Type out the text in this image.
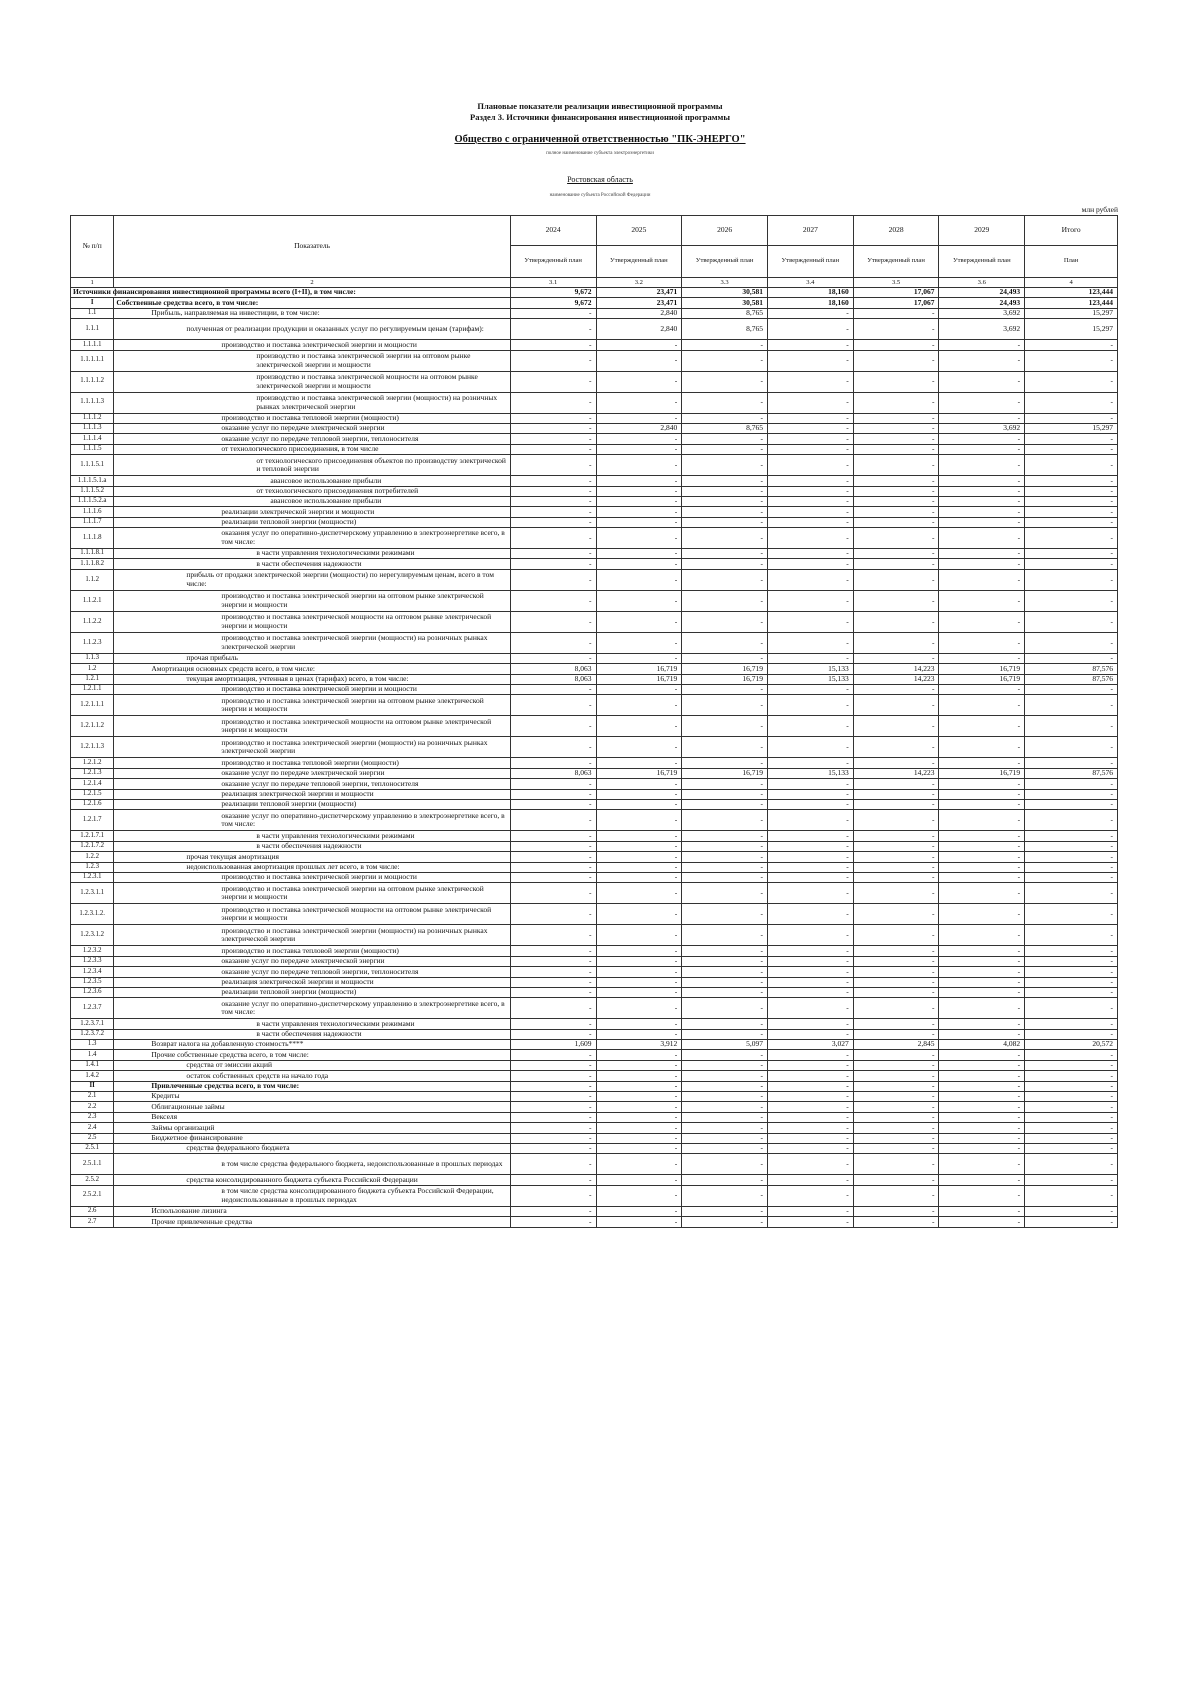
Плановые показатели реализации инвестиционной программы
Раздел 3. Источники финансирования инвестиционной программы
Общество с ограниченной ответственностью "ПК-ЭНЕРГО"
полное наименование субъекта электроэнергетики
Ростовская область
наименование субъекта Российской Федерации
млн рублей
№ п/п	Показатель	2024	2025	2026	2027	2028	2029	Итого
		Утвержденный план	Утвержденный план	Утвержденный план	Утвержденный план	Утвержденный план	Утвержденный план	План
1	2	3.1	3.2	3.3	3.4	3.5	3.6	4
Источники финансирования инвестиционной программы всего (I+II), в том числе:		9,672	23,471	30,581	18,160	17,067	24,493	123,444
I	Собственные средства всего, в том числе:	9,672	23,471	30,581	18,160	17,067	24,493	123,444
1.1	Прибыль, направляемая на инвестиции, в том числе:	-	2,840	8,765	-	-	3,692	15,297
1.1.1	полученная от реализации продукции и оказанных услуг по регулируемым ценам (тарифам):	-	2,840	8,765	-	-	3,692	15,297
1.1.1.1	производство и поставка электрической энергии и мощности	-	-	-	-	-	-	-
1.1.1.1.1	производство и поставка электрической энергии на оптовом рынке электрической энергии и мощности	-	-	-	-	-	-	-
1.1.1.1.2	производство и поставка электрической мощности на оптовом рынке электрической энергии и мощности	-	-	-	-	-	-	-
1.1.1.1.3	производство и поставка электрической энергии (мощности) на розничных рынках электрической энергии	-	-	-	-	-	-	-
1.1.1.2	производство и поставка тепловой энергии (мощности)	-	-	-	-	-	-	-
1.1.1.3	оказание услуг по передаче электрической энергии	-	2,840	8,765	-	-	3,692	15,297
1.1.1.4	оказание услуг по передаче тепловой энергии, теплоносителя	-	-	-	-	-	-	-
1.1.1.5	от технологического присоединения, в том числе	-	-	-	-	-	-	-
1.1.1.5.1	от технологического присоединения объектов по производству электрической и тепловой энергии	-	-	-	-	-	-	-
1.1.1.5.1.a	авансовое использование прибыли	-	-	-	-	-	-	-
1.1.1.5.2	от технологического присоединения потребителей	-	-	-	-	-	-	-
1.1.1.5.2.a	авансовое использование прибыли	-	-	-	-	-	-	-
1.1.1.6	реализации электрической энергии и мощности	-	-	-	-	-	-	-
1.1.1.7	реализации тепловой энергии (мощности)	-	-	-	-	-	-	-
1.1.1.8	оказания услуг по оперативно-диспетчерскому управлению в электроэнергетике всего, в том числе:	-	-	-	-	-	-	-
1.1.1.8.1	в части управления технологическими режимами	-	-	-	-	-	-	-
1.1.1.8.2	в части обеспечения надежности	-	-	-	-	-	-	-
1.1.2	прибыль от продажи электрической энергии (мощности) по нерегулируемым ценам, всего в том числе:	-	-	-	-	-	-	-
1.1.2.1	производство и поставка электрической энергии на оптовом рынке электрической энергии и мощности	-	-	-	-	-	-	-
1.1.2.2	производство и поставка электрической мощности на оптовом рынке электрической энергии и мощности	-	-	-	-	-	-	-
1.1.2.3	производство и поставка электрической энергии (мощности) на розничных рынках электрической энергии	-	-	-	-	-	-	-
1.1.3	прочая прибыль	-	-	-	-	-	-	-
1.2	Амортизация основных средств всего, в том числе:	8,063	16,719	16,719	15,133	14,223	16,719	87,576
1.2.1	текущая амортизация, учтенная в ценах (тарифах) всего, в том числе:	8,063	16,719	16,719	15,133	14,223	16,719	87,576
1.2.1.1	производство и поставка электрической энергии и мощности	-	-	-	-	-	-	-
1.2.1.1.1	производство и поставка электрической энергии на оптовом рынке электрической энергии и мощности	-	-	-	-	-	-	-
1.2.1.1.2	производство и поставка электрической мощности на оптовом рынке электрической энергии и мощности	-	-	-	-	-	-	-
1.2.1.1.3	производство и поставка электрической энергии (мощности) на розничных рынках электрической энергии	-	-	-	-	-	-	-
1.2.1.2	производство и поставка тепловой энергии (мощности)	-	-	-	-	-	-	-
1.2.1.3	оказание услуг по передаче электрической энергии	8,063	16,719	16,719	15,133	14,223	16,719	87,576
1.2.1.4	оказание услуг по передаче тепловой энергии, теплоносителя	-	-	-	-	-	-	-
1.2.1.5	реализация электрической энергии и мощности	-	-	-	-	-	-	-
1.2.1.6	реализации тепловой энергии (мощности)	-	-	-	-	-	-	-
1.2.1.7	оказание услуг по оперативно-диспетчерскому управлению в электроэнергетике всего, в том числе:	-	-	-	-	-	-	-
1.2.1.7.1	в части управления технологическими режимами	-	-	-	-	-	-	-
1.2.1.7.2	в части обеспечения надежности	-	-	-	-	-	-	-
1.2.2	прочая текущая амортизация	-	-	-	-	-	-	-
1.2.3	недоиспользованная амортизация прошлых лет всего, в том числе:	-	-	-	-	-	-	-
1.2.3.1	производство и поставка электрической энергии и мощности	-	-	-	-	-	-	-
1.2.3.1.1	производство и поставка электрической энергии на оптовом рынке электрической энергии и мощности	-	-	-	-	-	-	-
1.2.3.1.2.	производство и поставка электрической мощности на оптовом рынке электрической энергии и мощности	-	-	-	-	-	-	-
1.2.3.1.2	производство и поставка электрической энергии (мощности) на розничных рынках электрической энергии	-	-	-	-	-	-	-
1.2.3.2	производство и поставка тепловой энергии (мощности)	-	-	-	-	-	-	-
1.2.3.3	оказание услуг по передаче электрической энергии	-	-	-	-	-	-	-
1.2.3.4	оказание услуг по передаче тепловой энергии, теплоносителя	-	-	-	-	-	-	-
1.2.3.5	реализация электрической энергии и мощности	-	-	-	-	-	-	-
1.2.3.6	реализации тепловой энергии (мощности)	-	-	-	-	-	-	-
1.2.3.7	оказание услуг по оперативно-диспетчерскому управлению в электроэнергетике всего, в том числе:	-	-	-	-	-	-	-
1.2.3.7.1	в части управления технологическими режимами	-	-	-	-	-	-	-
1.2.3.7.2	в части обеспечения надежности	-	-	-	-	-	-	-
1.3	Возврат налога на добавленную стоимость****	1,609	3,912	5,097	3,027	2,845	4,082	20,572
1.4	Прочие собственные средства всего, в том числе:	-	-	-	-	-	-	-
1.4.1	средства от эмиссии акций	-	-	-	-	-	-	-
1.4.2	остаток собственных средств на начало года	-	-	-	-	-	-	-
II	Привлеченные средства всего, в том числе:	-	-	-	-	-	-	-
2.1	Кредиты	-	-	-	-	-	-	-
2.2	Облигационные займы	-	-	-	-	-	-	-
2.3	Векселя	-	-	-	-	-	-	-
2.4	Займы организаций	-	-	-	-	-	-	-
2.5	Бюджетное финансирование	-	-	-	-	-	-	-
2.5.1	средства федерального бюджета	-	-	-	-	-	-	-
2.5.1.1	в том числе средства федерального бюджета, недоиспользованные в прошлых периодах	-	-	-	-	-	-	-
2.5.2	средства консолидированного бюджета субъекта Российской Федерации	-	-	-	-	-	-	-
2.5.2.1	в том числе средства консолидированного бюджета субъекта Российской Федерации, недоиспользованные в прошлых периодах	-	-	-	-	-	-	-
2.6	Использование лизинга	-	-	-	-	-	-	-
2.7	Прочие привлеченные средства	-	-	-	-	-	-	-
